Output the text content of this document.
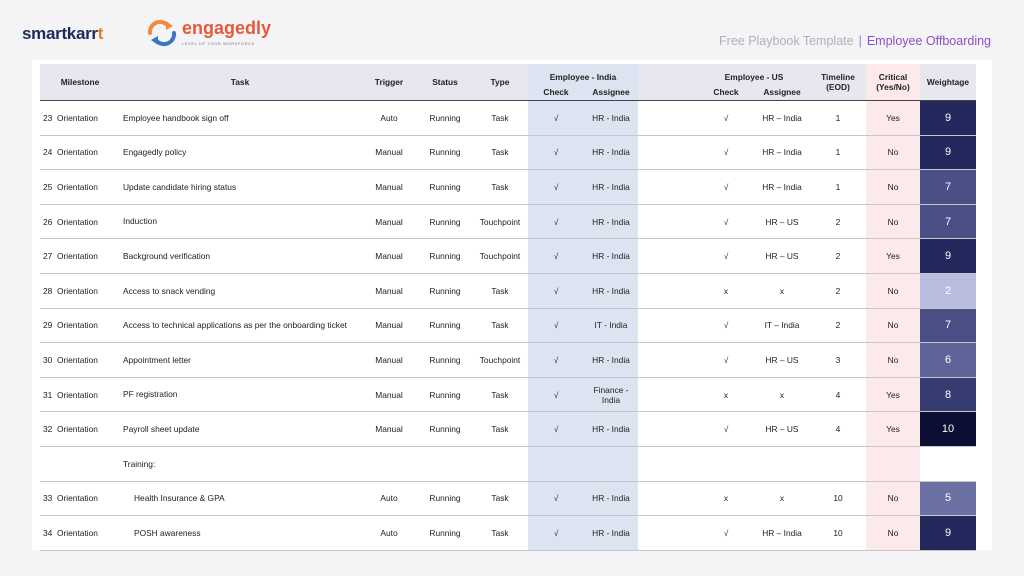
smartkarrt	engagedly
LEVEL UP YOUR WORKFORCE	Free Playbook Template | Employee Offboarding
Milestone	Task	Trigger	Status	Type	Employee - India			Employee - US		Timeline (EOD)	Critical (Yes/No)	Weightage
					Check	Assignee		Check	Assignee			
23 Orientation	Employee handbook sign off	Auto	Running	Task	√	HR - India		√	HR – India	1	Yes	9
24 Orientation	Engagedly policy	Manual	Running	Task	√	HR - India		√	HR – India	1	No	9
25 Orientation	Update candidate hiring status	Manual	Running	Task	√	HR - India		√	HR – India	1	No	7
26 Orientation	Induction	Manual	Running	Touchpoint	√	HR - India		√	HR – US	2	No	7
27 Orientation	Background verification	Manual	Running	Touchpoint	√	HR - India		√	HR – US	2	Yes	9
28 Orientation	Access to snack vending	Manual	Running	Task	√	HR - India		x	x	2	No	2
29 Orientation	Access to technical applications as per the onboarding ticket	Manual	Running	Task	√	IT - India		√	IT – India	2	No	7
30 Orientation	Appointment letter	Manual	Running	Touchpoint	√	HR - India		√	HR – US	3	No	6
31 Orientation	PF registration	Manual	Running	Task	√	Finance - India		x	x	4	Yes	8
32 Orientation	Payroll sheet update	Manual	Running	Task	√	HR - India		√	HR – US	4	Yes	10
	Training:											
33 Orientation	Health Insurance & GPA	Auto	Running	Task	√	HR - India		x	x	10	No	5
34 Orientation	POSH awareness	Auto	Running	Task	√	HR - India		√	HR – India	10	No	9
